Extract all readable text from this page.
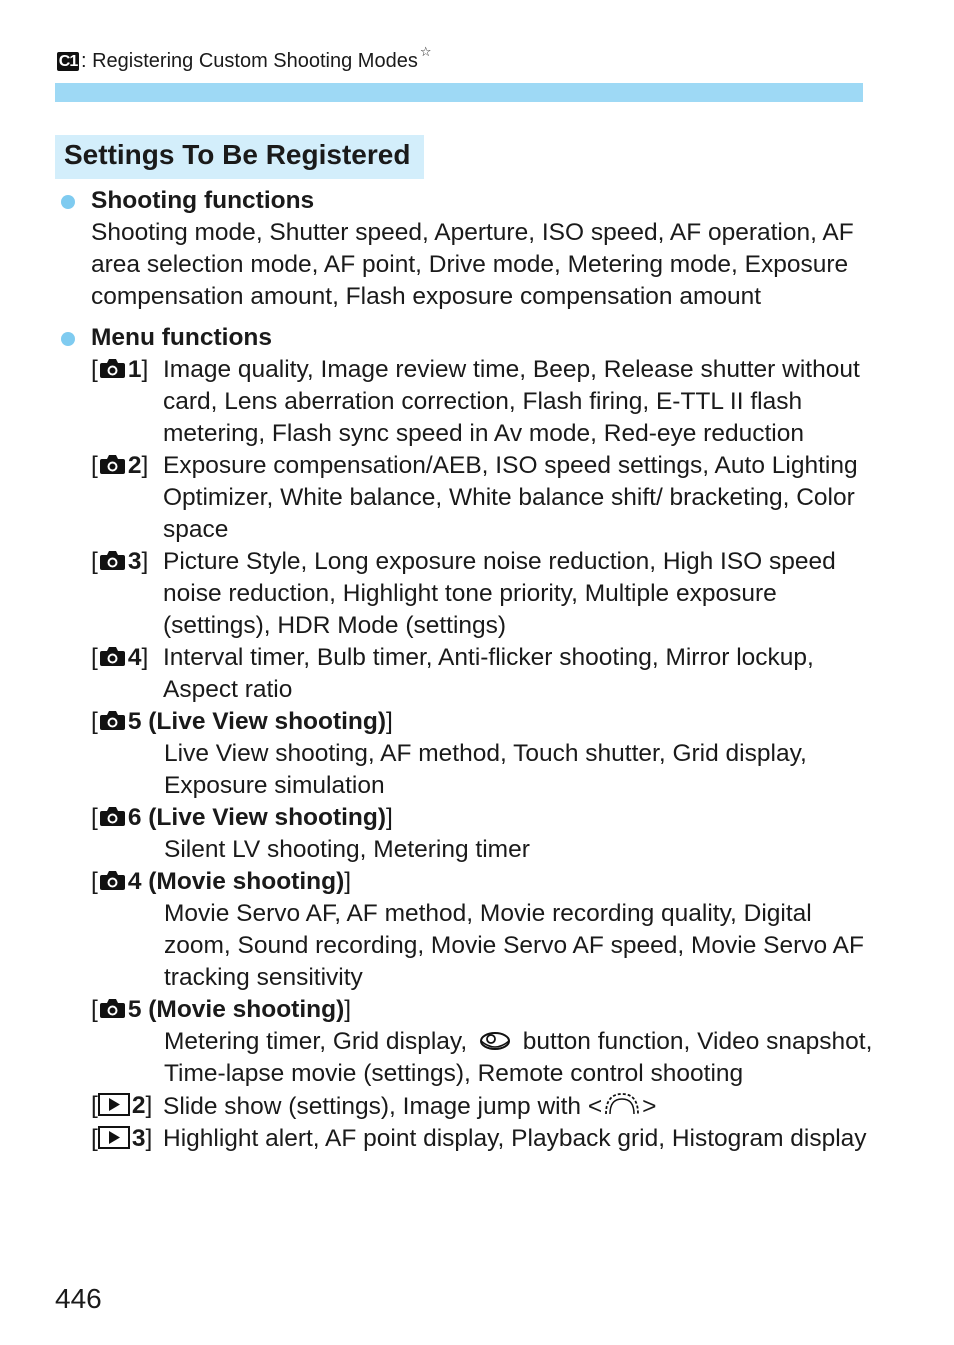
C1 : Registering Custom Shooting Modes ☆
Settings To Be Registered
Shooting functions
Shooting mode, Shutter speed, Aperture, ISO speed, AF operation, AF area selection mode, AF point, Drive mode, Metering mode, Exposure compensation amount, Flash exposure compensation amount
Menu functions
[ 1] Image quality, Image review time, Beep, Release shutter without card, Lens aberration correction, Flash firing, E-TTL II flash metering, Flash sync speed in Av mode, Red-eye reduction
[ 2] Exposure compensation/AEB, ISO speed settings, Auto Lighting Optimizer, White balance, White balance shift/ bracketing, Color space
[ 3] Picture Style, Long exposure noise reduction, High ISO speed noise reduction, Highlight tone priority, Multiple exposure (settings), HDR Mode (settings)
[ 4] Interval timer, Bulb timer, Anti-flicker shooting, Mirror lockup, Aspect ratio
[ 5 (Live View shooting)]
Live View shooting, AF method, Touch shutter, Grid display, Exposure simulation
[ 6 (Live View shooting)]
Silent LV shooting, Metering timer
[ 4 (Movie shooting)]
Movie Servo AF, AF method, Movie recording quality, Digital zoom, Sound recording, Movie Servo AF speed, Movie Servo AF tracking sensitivity
[ 5 (Movie shooting)]
Metering timer, Grid display,  button function, Video snapshot, Time-lapse movie (settings), Remote control shooting
[ 2] Slide show (settings), Image jump with < >
[ 3] Highlight alert, AF point display, Playback grid, Histogram display
446
